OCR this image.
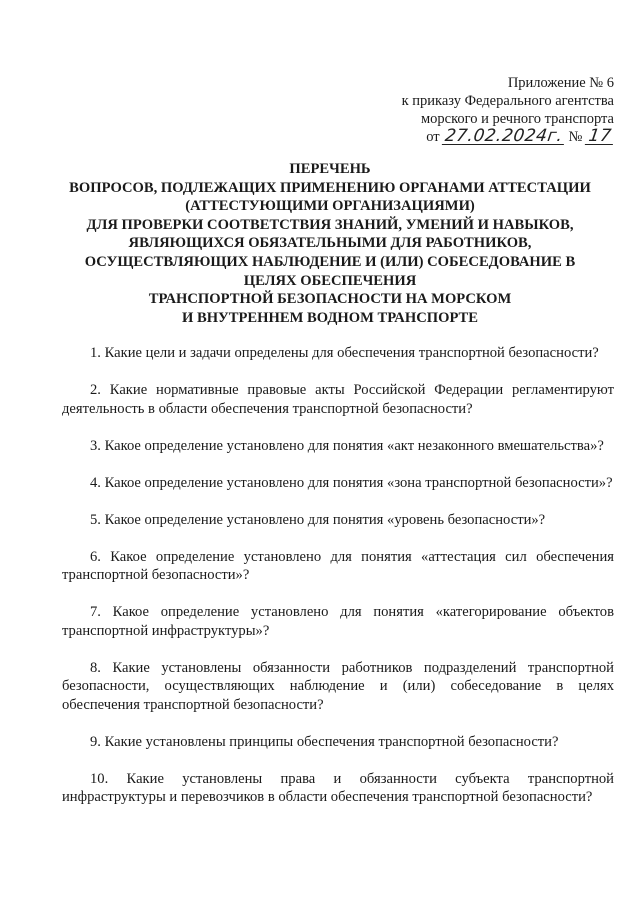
Приложение № 6
к приказу Федерального агентства
морского и речного транспорта
от 27.02.2024г. № 17
ПЕРЕЧЕНЬ
ВОПРОСОВ, ПОДЛЕЖАЩИХ ПРИМЕНЕНИЮ ОРГАНАМИ АТТЕСТАЦИИ
(АТТЕСТУЮЩИМИ ОРГАНИЗАЦИЯМИ)
ДЛЯ ПРОВЕРКИ СООТВЕТСТВИЯ ЗНАНИЙ, УМЕНИЙ И НАВЫКОВ,
ЯВЛЯЮЩИХСЯ ОБЯЗАТЕЛЬНЫМИ ДЛЯ РАБОТНИКОВ,
ОСУЩЕСТВЛЯЮЩИХ НАБЛЮДЕНИЕ И (ИЛИ) СОБЕСЕДОВАНИЕ В
ЦЕЛЯХ ОБЕСПЕЧЕНИЯ
ТРАНСПОРТНОЙ БЕЗОПАСНОСТИ НА МОРСКОМ
И ВНУТРЕННЕМ ВОДНОМ ТРАНСПОРТЕ

1. Какие цели и задачи определены для обеспечения транспортной безопасности?

2. Какие нормативные правовые акты Российской Федерации регламентируют деятельность в области обеспечения транспортной безопасности?

3. Какое определение установлено для понятия «акт незаконного вмешательства»?

4. Какое определение установлено для понятия «зона транспортной безопасности»?

5. Какое определение установлено для понятия «уровень безопасности»?

6. Какое определение установлено для понятия «аттестация сил обеспечения транспортной безопасности»?

7. Какое определение установлено для понятия «категорирование объектов транспортной инфраструктуры»?

8. Какие установлены обязанности работников подразделений транспортной безопасности, осуществляющих наблюдение и (или) собеседование в целях обеспечения транспортной безопасности?

9. Какие установлены принципы обеспечения транспортной безопасности?

10. Какие установлены права и обязанности субъекта транспортной инфраструктуры и перевозчиков в области обеспечения транспортной безопасности?
